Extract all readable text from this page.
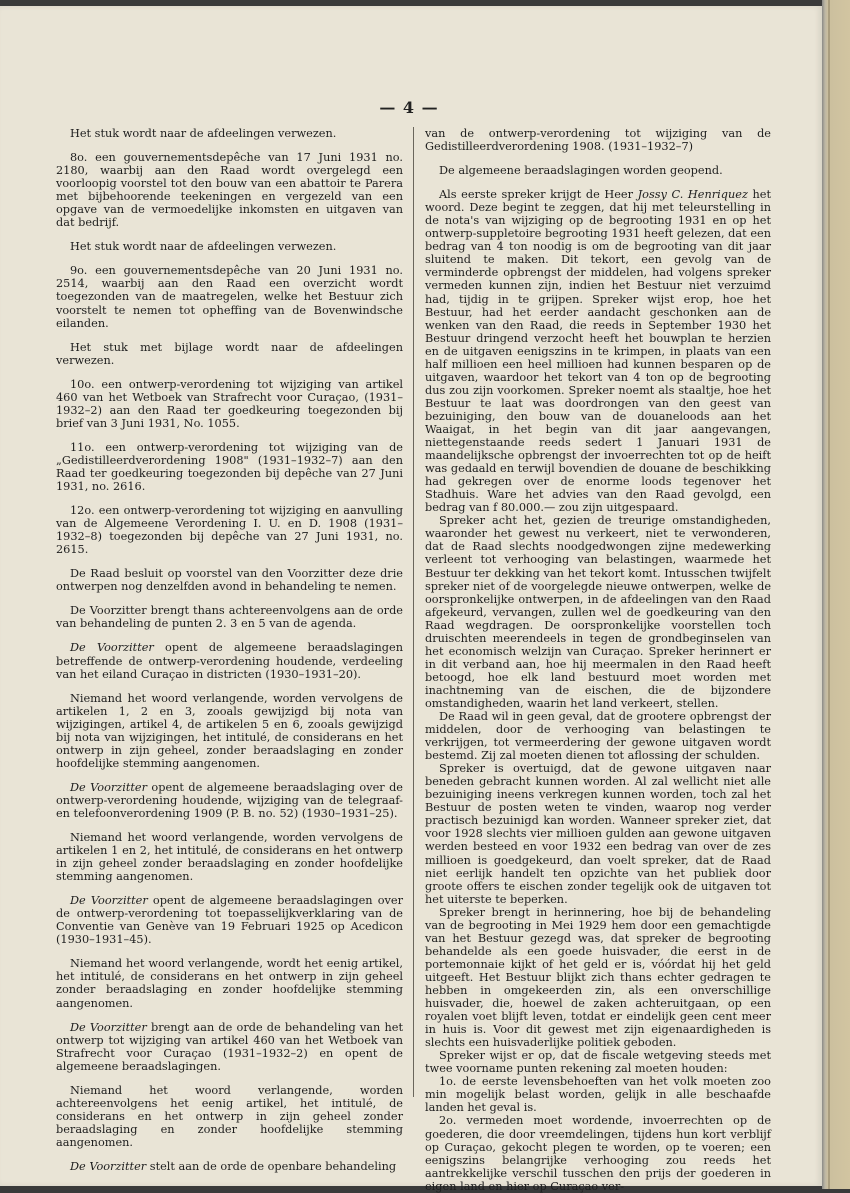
— 4 —

Het stuk wordt naar de afdeelingen verwezen.

8o. een gouvernementsdepêche van 17 Juni 1931 no. 2180, waarbij aan den Raad wordt overgelegd een voorloopig voorstel tot den bouw van een abattoir te Parera met bijbehoorende teekeningen en vergezeld van een opgave van de vermoedelijke inkomsten en uitgaven van dat bedrijf.

Het stuk wordt naar de afdeelingen verwezen.

9o. een gouvernementsdepêche van 20 Juni 1931 no. 2514, waarbij aan den Raad een overzicht wordt toegezonden van de maatregelen, welke het Bestuur zich voorstelt te nemen tot opheffing van de Bovenwindsche eilanden.

Het stuk met bijlage wordt naar de afdeelingen verwezen.

10o. een ontwerp-verordening tot wijziging van artikel 460 van het Wetboek van Strafrecht voor Curaçao, (1931–1932–2) aan den Raad ter goedkeuring toegezonden bij brief van 3 Juni 1931, No. 1055.

11o. een ontwerp-verordening tot wijziging van de „Gedistilleerdverordening 1908" (1931–1932–7) aan den Raad ter goedkeuring toegezonden bij depêche van 27 Juni 1931, no. 2616.

12o. een ontwerp-verordening tot wijziging en aanvulling van de Algemeene Verordening I. U. en D. 1908 (1931–1932–8) toegezonden bij depêche van 27 Juni 1931, no. 2615.

De Raad besluit op voorstel van den Voorzitter deze drie ontwerpen nog denzelfden avond in behandeling te nemen.

De Voorzitter brengt thans achtereenvolgens aan de orde van behandeling de punten 2. 3 en 5 van de agenda.

De Voorzitter opent de algemeene beraadslagingen betreffende de ontwerp-verordening houdende, verdeeling van het eiland Curaçao in districten (1930–1931–20).

Niemand het woord verlangende, worden vervolgens de artikelen 1, 2 en 3, zooals gewijzigd bij nota van wijzigingen, artikel 4, de artikelen 5 en 6, zooals gewijzigd bij nota van wijzigingen, het intitulé, de considerans en het ontwerp in zijn geheel, zonder beraadslaging en zonder hoofdelijke stemming aangenomen.

De Voorzitter opent de algemeene beraadslaging over de ontwerp-verordening houdende, wijziging van de telegraaf- en telefoonverordening 1909 (P. B. no. 52) (1930–1931–25).

Niemand het woord verlangende, worden vervolgens de artikelen 1 en 2, het intitulé, de considerans en het ontwerp in zijn geheel zonder beraadslaging en zonder hoofdelijke stemming aangenomen.

De Voorzitter opent de algemeene beraadslagingen over de ontwerp-verordening tot toepasselijkverklaring van de Conventie van Genève van 19 Februari 1925 op Acedicon (1930–1931–45).

Niemand het woord verlangende, wordt het eenig artikel, het intitulé, de considerans en het ontwerp in zijn geheel zonder beraadslaging en zonder hoofdelijke stemming aangenomen.

De Voorzitter brengt aan de orde de behandeling van het ontwerp tot wijziging van artikel 460 van het Wetboek van Strafrecht voor Curaçao (1931–1932–2) en opent de algemeene beraadslagingen.

Niemand het woord verlangende, worden achtereenvolgens het eenig artikel, het intitulé, de considerans en het ontwerp in zijn geheel zonder beraadslaging en zonder hoofdelijke stemming aangenomen.

De Voorzitter stelt aan de orde de openbare behandeling

van de ontwerp-verordening tot wijziging van de Gedistilleerdverordening 1908. (1931–1932–7)

De algemeene beraadslagingen worden geopend.

Als eerste spreker krijgt de Heer Jossy C. Henriquez het woord. Deze begint te zeggen, dat hij met teleurstelling in de nota's van wijziging op de begrooting 1931 en op het ontwerp-suppletoire begrooting 1931 heeft gelezen, dat een bedrag van 4 ton noodig is om de begrooting van dit jaar sluitend te maken. Dit tekort, een gevolg van de verminderde opbrengst der middelen, had volgens spreker vermeden kunnen zijn, indien het Bestuur niet verzuimd had, tijdig in te grijpen. Spreker wijst erop, hoe het Bestuur, had het eerder aandacht geschonken aan de wenken van den Raad, die reeds in September 1930 het Bestuur dringend verzocht heeft het bouwplan te herzien en de uitgaven eenigszins in te krimpen, in plaats van een half millioen een heel millioen had kunnen besparen op de uitgaven, waardoor het tekort van 4 ton op de begrooting dus zou zijn voorkomen. Spreker noemt als staaltje, hoe het Bestuur te laat was doordrongen van den geest van bezuiniging, den bouw van de douaneloods aan het Waaigat, in het begin van dit jaar aangevangen, niettegenstaande reeds sedert 1 Januari 1931 de maandelijksche opbrengst der invoerrechten tot op de heift was gedaald en terwijl bovendien de douane de beschikking had gekregen over de enorme loods tegenover het Stadhuis. Ware het advies van den Raad gevolgd, een bedrag van f 80.000.— zou zijn uitgespaard.

Spreker acht het, gezien de treurige omstandigheden, waaronder het gewest nu verkeert, niet te verwonderen, dat de Raad slechts noodgedwongen zijne medewerking verleent tot verhooging van belastingen, waarmede het Bestuur ter dekking van het tekort komt. Intusschen twijfelt spreker niet of de voorgelegde nieuwe ontwerpen, welke de oorspronkelijke ontwerpen, in de afdeelingen van den Raad afgekeurd, vervangen, zullen wel de goedkeuring van den Raad wegdragen. De oorspronkelijke voorstellen toch druischten meerendeels in tegen de grondbeginselen van het economisch welzijn van Curaçao. Spreker herinnert er in dit verband aan, hoe hij meermalen in den Raad heeft betoogd, hoe elk land bestuurd moet worden met inachtneming van de eischen, die de bijzondere omstandigheden, waarin het land verkeert, stellen.

De Raad wil in geen geval, dat de grootere opbrengst der middelen, door de verhooging van belastingen te verkrijgen, tot vermeerdering der gewone uitgaven wordt bestemd. Zij zal moeten dienen tot aflossing der schulden.

Spreker is overtuigd, dat de gewone uitgaven naar beneden gebracht kunnen worden. Al zal wellicht niet alle bezuiniging ineens verkregen kunnen worden, toch zal het Bestuur de posten weten te vinden, waarop nog verder practisch bezuinigd kan worden. Wanneer spreker ziet, dat voor 1928 slechts vier millioen gulden aan gewone uitgaven werden besteed en voor 1932 een bedrag van over de zes millioen is goedgekeurd, dan voelt spreker, dat de Raad niet eerlijk handelt ten opzichte van het publiek door groote offers te eischen zonder tegelijk ook de uitgaven tot het uiterste te beperken.

Spreker brengt in herinnering, hoe bij de behandeling van de begrooting in Mei 1929 hem door een gemachtigde van het Bestuur gezegd was, dat spreker de begrooting behandelde als een goede huisvader, die eerst in de portemonnaie kijkt of het geld er is, vóórdat hij het geld uitgeeft. Het Bestuur blijkt zich thans echter gedragen te hebben in omgekeerden zin, als een onverschillige huisvader, die, hoewel de zaken achteruitgaan, op een royalen voet blijft leven, totdat er eindelijk geen cent meer in huis is. Voor dit gewest met zijn eigenaardigheden is slechts een huisvaderlijke politiek geboden.

Spreker wijst er op, dat de fiscale wetgeving steeds met twee voorname punten rekening zal moeten houden:

1o. de eerste levensbehoeften van het volk moeten zoo min mogelijk belast worden, gelijk in alle beschaafde landen het geval is.

2o. vermeden moet wordende, invoerrechten op de goederen, die door vreemdelingen, tijdens hun kort verblijf op Curaçao, gekocht plegen te worden, op te voeren; een eenigszins belangrijke verhooging zou reeds het aantrekkelijke verschil tusschen den prijs der goederen in eigen land en hier op Curaçao ver-
